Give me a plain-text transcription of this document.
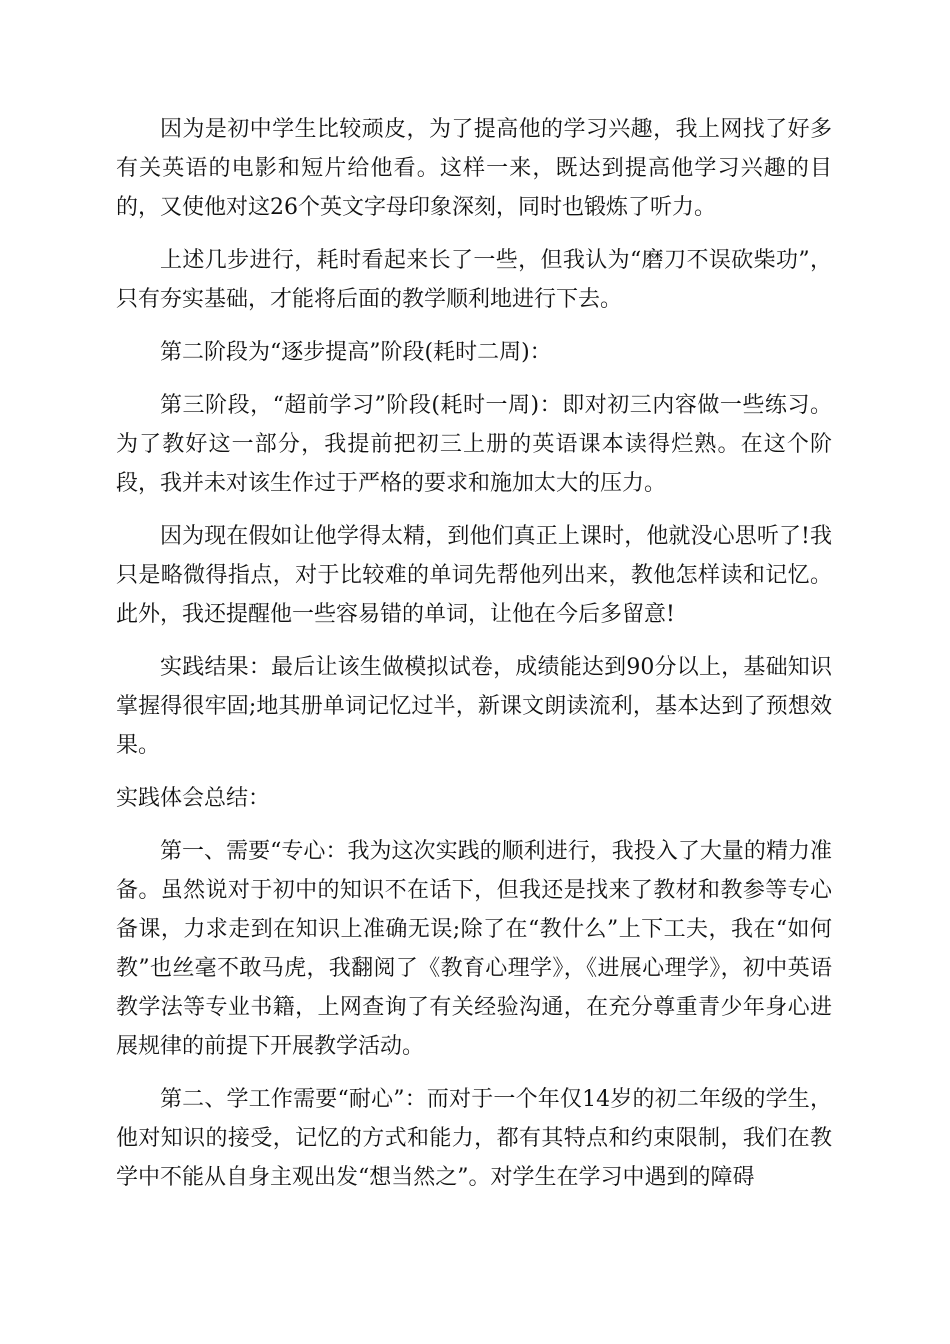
因为是初中学生比较顽皮，为了提高他的学习兴趣，我上网找了好多有关英语的电影和短片给他看。这样一来，既达到提高他学习兴趣的目的，又使他对这26个英文字母印象深刻，同时也锻炼了听力。

上述几步进行，耗时看起来长了一些，但我认为“磨刀不误砍柴功”，只有夯实基础，才能将后面的教学顺利地进行下去。

第二阶段为“逐步提高”阶段(耗时二周)：

第三阶段，“超前学习”阶段(耗时一周)：即对初三内容做一些练习。为了教好这一部分，我提前把初三上册的英语课本读得烂熟。在这个阶段，我并未对该生作过于严格的要求和施加太大的压力。

因为现在假如让他学得太精，到他们真正上课时，他就没心思听了!我只是略微得指点，对于比较难的单词先帮他列出来，教他怎样读和记忆。此外，我还提醒他一些容易错的单词，让他在今后多留意!

实践结果：最后让该生做模拟试卷，成绩能达到90分以上，基础知识掌握得很牢固;地其册单词记忆过半，新课文朗读流利，基本达到了预想效果。

实践体会总结：

第一、需要“专心：我为这次实践的顺利进行，我投入了大量的精力准备。虽然说对于初中的知识不在话下，但我还是找来了教材和教参等专心备课，力求走到在知识上准确无误;除了在“教什么”上下工夫，我在“如何教”也丝毫不敢马虎，我翻阅了《教育心理学》，《进展心理学》，初中英语教学法等专业书籍，上网查询了有关经验沟通，在充分尊重青少年身心进展规律的前提下开展教学活动。

第二、学工作需要“耐心”：而对于一个年仅14岁的初二年级的学生，他对知识的接受，记忆的方式和能力，都有其特点和约束限制，我们在教学中不能从自身主观出发“想当然之”。对学生在学习中遇到的障碍
